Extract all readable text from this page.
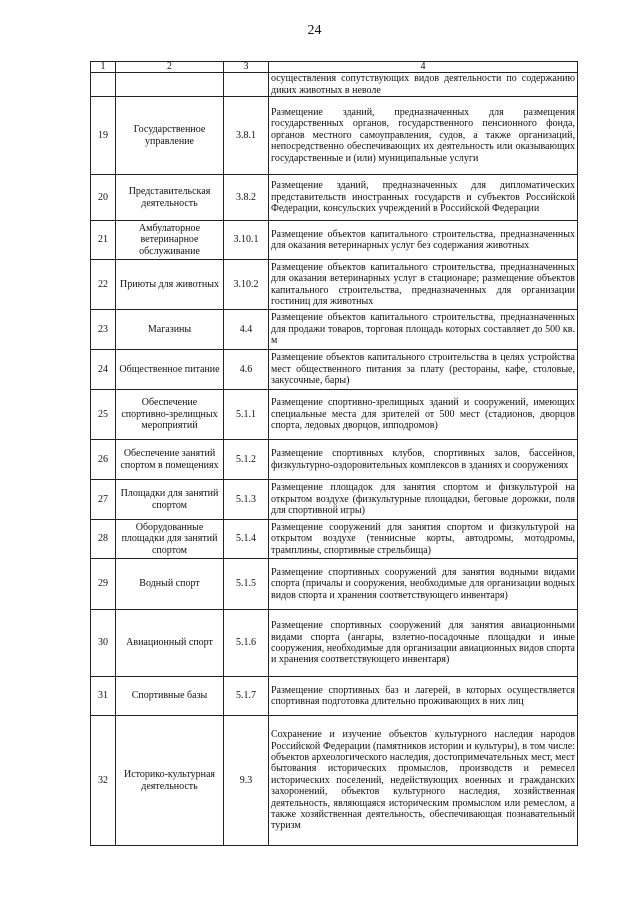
24
1	2	3	4
			осуществления сопутствующих видов деятельности по содержанию диких животных в неволе
19	Государственное управление	3.8.1	Размещение зданий, предназначенных для размещения государственных органов, государственного пенсионного фонда, органов местного самоуправления, судов, а также организаций, непосредственно обеспечивающих их деятельность или оказывающих государственные и (или) муниципальные услуги
20	Представительская деятельность	3.8.2	Размещение зданий, предназначенных для дипломатических представительств иностранных государств и субъектов Российской Федерации, консульских учреждений в Российской Федерации
21	Амбулаторное ветеринарное обслуживание	3.10.1	Размещение объектов капитального строительства, предназначенных для оказания ветеринарных услуг без содержания животных
22	Приюты для животных	3.10.2	Размещение объектов капитального строительства, предназначенных для оказания ветеринарных услуг в стационаре; размещение объектов капитального строительства, предназначенных для организации гостиниц для животных
23	Магазины	4.4	Размещение объектов капитального строительства, предназначенных для продажи товаров, торговая площадь которых составляет до 500 кв. м
24	Общественное питание	4.6	Размещение объектов капитального строительства в целях устройства мест общественного питания за плату (рестораны, кафе, столовые, закусочные, бары)
25	Обеспечение спортивно-зрелищных мероприятий	5.1.1	Размещение спортивно-зрелищных зданий и сооружений, имеющих специальные места для зрителей от 500 мест (стадионов, дворцов спорта, ледовых дворцов, ипподромов)
26	Обеспечение занятий спортом в помещениях	5.1.2	Размещение спортивных клубов, спортивных залов, бассейнов, физкультурно-оздоровительных комплексов в зданиях и сооружениях
27	Площадки для занятий спортом	5.1.3	Размещение площадок для занятия спортом и физкультурой на открытом воздухе (физкультурные площадки, беговые дорожки, поля для спортивной игры)
28	Оборудованные площадки для занятий спортом	5.1.4	Размещение сооружений для занятия спортом и физкультурой на открытом воздухе (теннисные корты, автодромы, мотодромы, трамплины, спортивные стрельбища)
29	Водный спорт	5.1.5	Размещение спортивных сооружений для занятия водными видами спорта (причалы и сооружения, необходимые для организации водных видов спорта и хранения соответствующего инвентаря)
30	Авиационный спорт	5.1.6	Размещение спортивных сооружений для занятия авиационными видами спорта (ангары, взлетно-посадочные площадки и иные сооружения, необходимые для организации авиационных видов спорта и хранения соответствующего инвентаря)
31	Спортивные базы	5.1.7	Размещение спортивных баз и лагерей, в которых осуществляется спортивная подготовка длительно проживающих в них лиц
32	Историко-культурная деятельность	9.3	Сохранение и изучение объектов культурного наследия народов Российской Федерации (памятников истории и культуры), в том числе: объектов археологического наследия, достопримечательных мест, мест бытования исторических промыслов, производств и ремесел исторических поселений, недействующих военных и гражданских захоронений, объектов культурного наследия, хозяйственная деятельность, являющаяся историческим промыслом или ремеслом, а также хозяйственная деятельность, обеспечивающая познавательный туризм
